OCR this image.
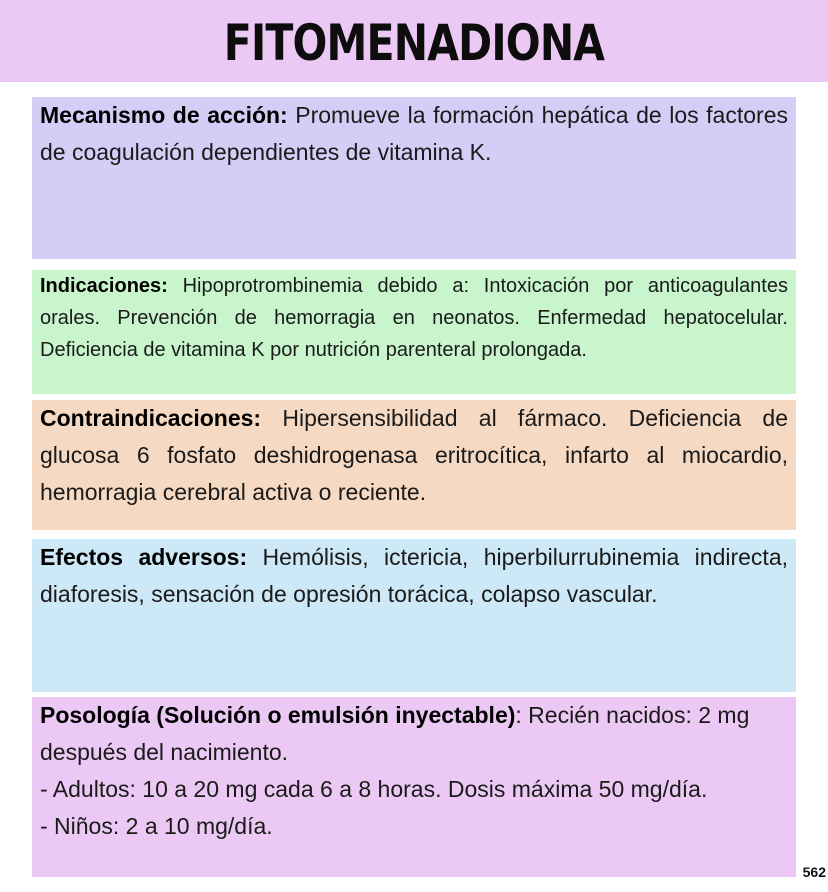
FITOMENADIONA
Mecanismo de acción: Promueve la formación hepática de los factores de coagulación dependientes de vitamina K.
Indicaciones: Hipoprotrombinemia debido a: Intoxicación por anticoagulantes orales. Prevención de hemorragia en neonatos. Enfermedad hepatocelular. Deficiencia de vitamina K por nutrición parenteral prolongada.
Contraindicaciones: Hipersensibilidad al fármaco. Deficiencia de glucosa 6 fosfato deshidrogenasa eritrocítica, infarto al miocardio, hemorragia cerebral activa o reciente.
Efectos adversos: Hemólisis, ictericia, hiperbilurrubinemia indirecta, diaforesis, sensación de opresión torácica, colapso vascular.
Posología (Solución o emulsión inyectable): Recién nacidos: 2 mg después del nacimiento.
- Adultos: 10 a 20 mg cada 6 a 8 horas. Dosis máxima 50 mg/día.
- Niños: 2 a 10 mg/día.
562
